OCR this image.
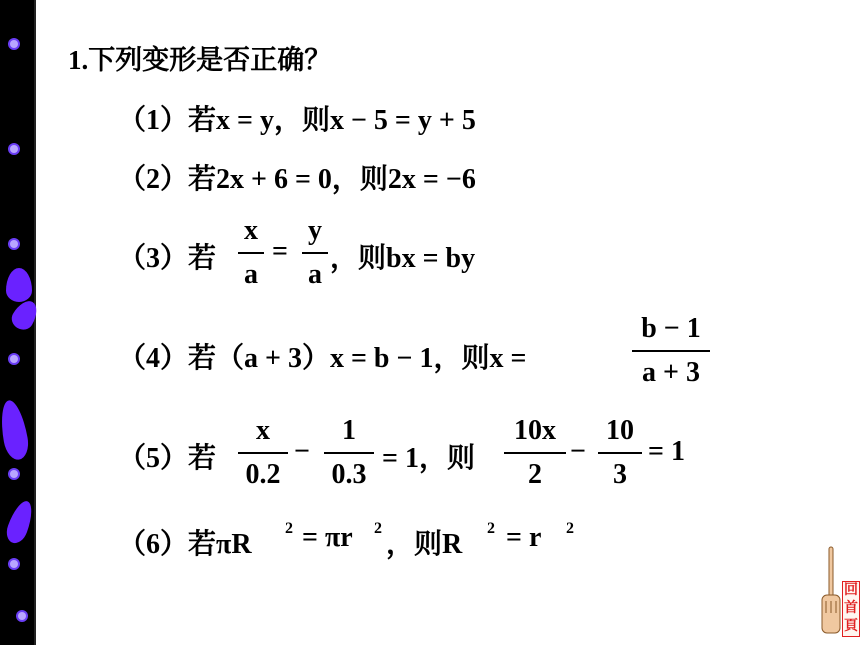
1.下列变形是否正确？
（1）若x = y，则x − 5 = y + 5
（2）若2x + 6 = 0，则2x = −6
（3）若
x
a
=
y
a
，则bx = by
（4）若（a + 3）x = b − 1，则x =
b − 1
a + 3
（5）若
x
0.2
−
1
0.3
= 1，则
10x
2
−
10
3
= 1
（6）若πR
2 = πr 2
，则R
2 = r 2
回
首
頁
